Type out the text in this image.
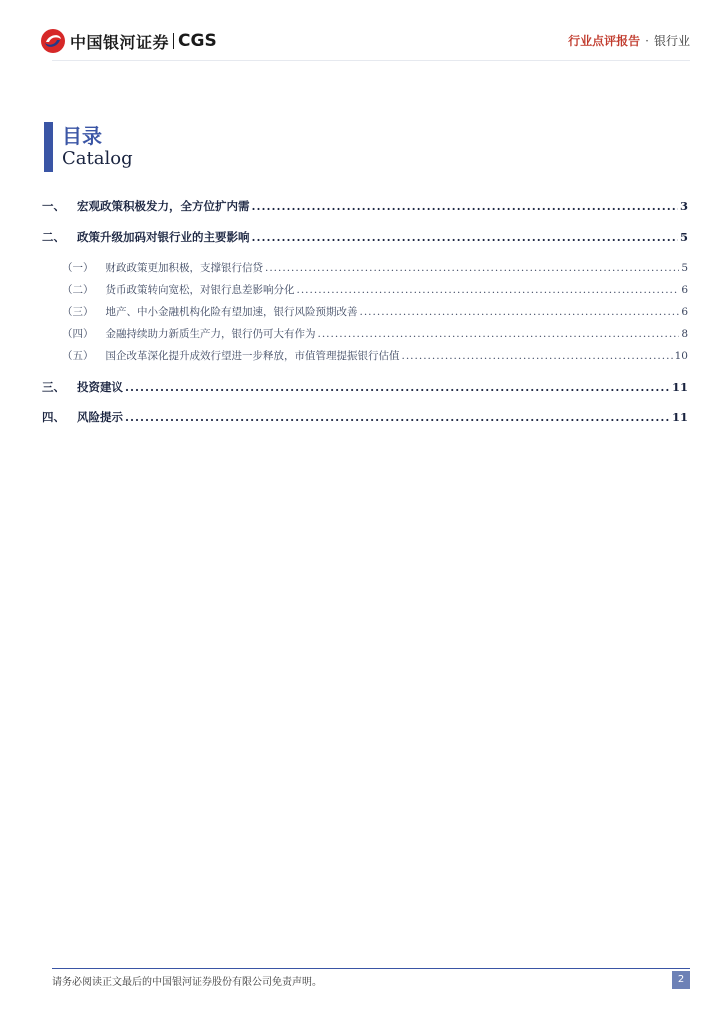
中国银河证券 CGS	行业点评报告 · 银行业
目录
Catalog
一、 宏观政策积极发力，全方位扩内需 .....	3
二、 政策升级加码对银行业的主要影响 .....	5
（一） 财政政策更加积极，支撑银行信贷 .....	5
（二） 货币政策转向宽松，对银行息差影响分化 .....	6
（三） 地产、中小金融机构化险有望加速，银行风险预期改善 .....	6
（四） 金融持续助力新质生产力，银行仍可大有作为 .....	8
（五） 国企改革深化提升成效行望进一步释放，市值管理提振银行估值 .....	10
三、 投资建议 .....	11
四、 风险提示 .....	11
请务必阅读正文最后的中国银河证券股份有限公司免责声明。	2
